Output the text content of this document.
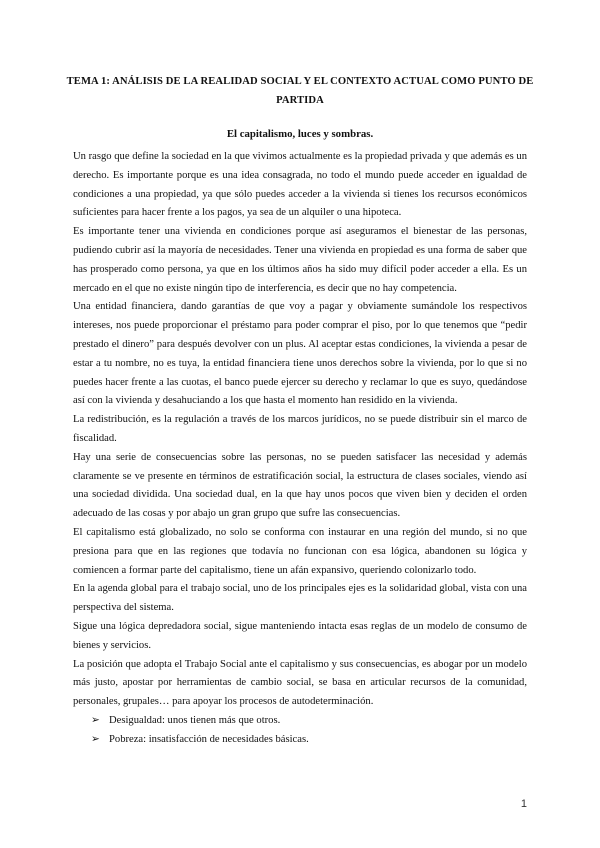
TEMA 1: ANÁLISIS DE LA REALIDAD SOCIAL Y EL CONTEXTO ACTUAL COMO PUNTO DE PARTIDA
El capitalismo, luces y sombras.

Un rasgo que define la sociedad en la que vivimos actualmente es la propiedad privada y que además es un derecho. Es importante porque es una idea consagrada, no todo el mundo puede acceder en igualdad de condiciones a una propiedad, ya que sólo puedes acceder a la vivienda si tienes los recursos económicos suficientes para hacer frente a los pagos, ya sea de un alquiler o una hipoteca.

Es importante tener una vivienda en condiciones porque así aseguramos el bienestar de las personas, pudiendo cubrir así la mayoría de necesidades. Tener una vivienda en propiedad es una forma de saber que has prosperado como persona, ya que en los últimos años ha sido muy difícil poder acceder a ella. Es un mercado en el que no existe ningún tipo de interferencia, es decir que no hay competencia.

Una entidad financiera, dando garantías de que voy a pagar y obviamente sumándole los respectivos intereses, nos puede proporcionar el préstamo para poder comprar el piso, por lo que tenemos que “pedir prestado el dinero” para después devolver con un plus. Al aceptar estas condiciones, la vivienda a pesar de estar a tu nombre, no es tuya, la entidad financiera tiene unos derechos sobre la vivienda, por lo que si no puedes hacer frente a las cuotas, el banco puede ejercer su derecho y reclamar lo que es suyo, quedándose así con la vivienda y desahuciando a los que hasta el momento han residido en la vivienda.

La redistribución, es la regulación a través de los marcos jurídicos, no se puede distribuir sin el marco de fiscalidad.

Hay una serie de consecuencias sobre las personas, no se pueden satisfacer las necesidad y además claramente se ve presente en términos de estratificación social, la estructura de clases sociales, viendo así una sociedad dividida. Una sociedad dual, en la que hay unos pocos que viven bien y deciden el orden adecuado de las cosas y por abajo un gran grupo que sufre las consecuencias.

El capitalismo está globalizado, no solo se conforma con instaurar en una región del mundo, si no que presiona para que en las regiones que todavía no funcionan con esa lógica, abandonen su lógica y comiencen a formar parte del capitalismo, tiene un afán expansivo, queriendo colonizarlo todo.

En la agenda global para el trabajo social, uno de los principales ejes es la solidaridad global, vista con una perspectiva del sistema.

Sigue una lógica depredadora social, sigue manteniendo intacta esas reglas de un modelo de consumo de bienes y servicios.

La posición que adopta el Trabajo Social ante el capitalismo y sus consecuencias, es abogar por un modelo más justo, apostar por herramientas de cambio social, se basa en articular recursos de la comunidad, personales, grupales… para apoyar los procesos de autodeterminación.

➢ Desigualdad: unos tienen más que otros.
➢ Pobreza: insatisfacción de necesidades básicas.
1
